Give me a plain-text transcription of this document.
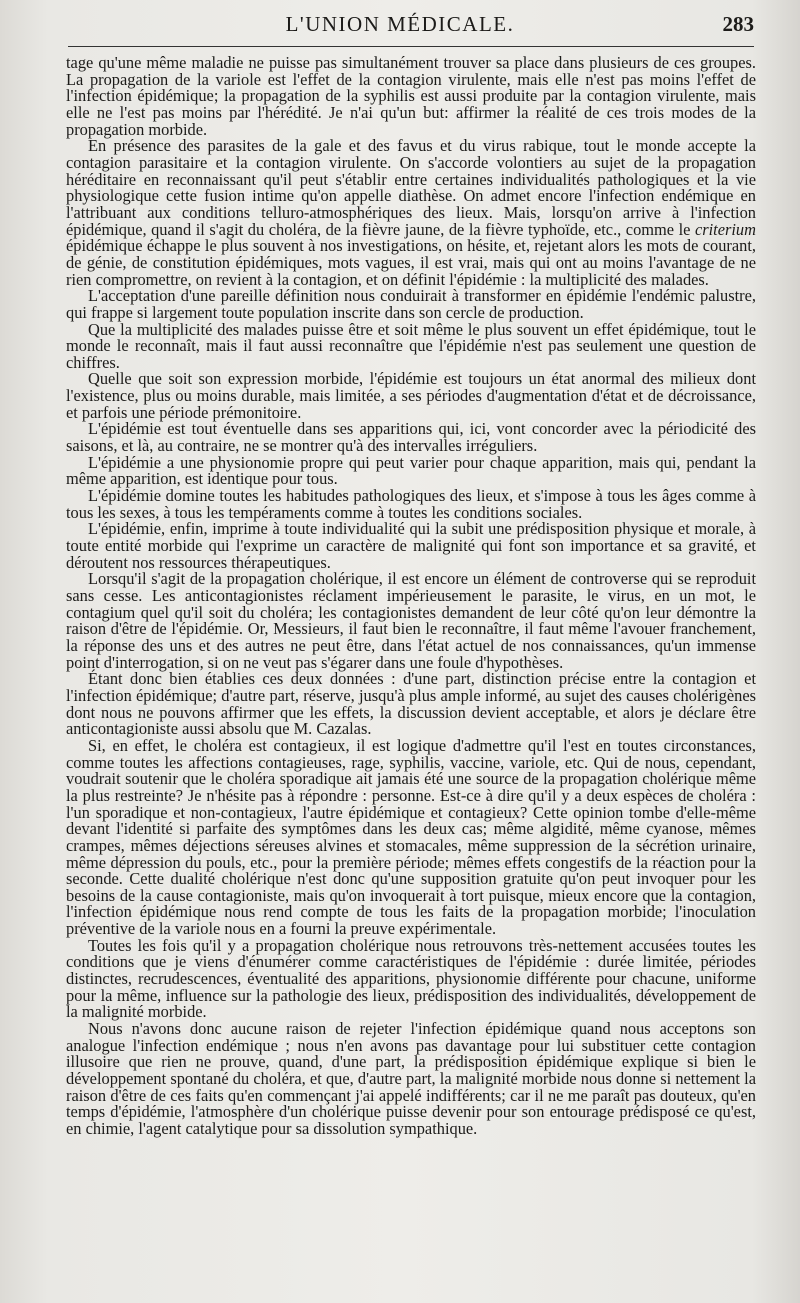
L'UNION MÉDICALE.	283

tage qu'une même maladie ne puisse pas simultanément trouver sa place dans plusieurs de ces groupes. La propagation de la variole est l'effet de la contagion virulente, mais elle n'est pas moins l'effet de l'infection épidémique; la propagation de la syphilis est aussi produite par la contagion virulente, mais elle ne l'est pas moins par l'hérédité. Je n'ai qu'un but: affirmer la réalité de ces trois modes de la propagation morbide.

En présence des parasites de la gale et des favus et du virus rabique, tout le monde accepte la contagion parasitaire et la contagion virulente. On s'accorde volontiers au sujet de la propagation héréditaire en reconnaissant qu'il peut s'établir entre certaines individualités pathologiques et la vie physiologique cette fusion intime qu'on appelle diathèse. On admet encore l'infection endémique en l'attribuant aux conditions telluro-atmosphériques des lieux. Mais, lorsqu'on arrive à l'infection épidémique, quand il s'agit du choléra, de la fièvre jaune, de la fièvre typhoïde, etc., comme le criterium épidémique échappe le plus souvent à nos investigations, on hésite, et, rejetant alors les mots de courant, de génie, de constitution épidémiques, mots vagues, il est vrai, mais qui ont au moins l'avantage de ne rien compromettre, on revient à la contagion, et on définit l'épidémie : la multiplicité des malades.

L'acceptation d'une pareille définition nous conduirait à transformer en épidémie l'endémic palustre, qui frappe si largement toute population inscrite dans son cercle de production.

Que la multiplicité des malades puisse être et soit même le plus souvent un effet épidémique, tout le monde le reconnaît, mais il faut aussi reconnaître que l'épidémie n'est pas seulement une question de chiffres.

Quelle que soit son expression morbide, l'épidémie est toujours un état anormal des milieux dont l'existence, plus ou moins durable, mais limitée, a ses périodes d'augmentation d'état et de décroissance, et parfois une période prémonitoire.

L'épidémie est tout éventuelle dans ses apparitions qui, ici, vont concorder avec la périodicité des saisons, et là, au contraire, ne se montrer qu'à des intervalles irréguliers.

L'épidémie a une physionomie propre qui peut varier pour chaque apparition, mais qui, pendant la même apparition, est identique pour tous.

L'épidémie domine toutes les habitudes pathologiques des lieux, et s'impose à tous les âges comme à tous les sexes, à tous les tempéraments comme à toutes les conditions sociales.

L'épidémie, enfin, imprime à toute individualité qui la subit une prédisposition physique et morale, à toute entité morbide qui l'exprime un caractère de malignité qui font son importance et sa gravité, et déroutent nos ressources thérapeutiques.

Lorsqu'il s'agit de la propagation cholérique, il est encore un élément de controverse qui se reproduit sans cesse. Les anticontagionistes réclament impérieusement le parasite, le virus, en un mot, le contagium quel qu'il soit du choléra; les contagionistes demandent de leur côté qu'on leur démontre la raison d'être de l'épidémie. Or, Messieurs, il faut bien le reconnaître, il faut même l'avouer franchement, la réponse des uns et des autres ne peut être, dans l'état actuel de nos connaissances, qu'un immense point d'interrogation, si on ne veut pas s'égarer dans une foule d'hypothèses.

Étant donc bien établies ces deux données : d'une part, distinction précise entre la contagion et l'infection épidémique; d'autre part, réserve, jusqu'à plus ample informé, au sujet des causes cholérigènes dont nous ne pouvons affirmer que les effets, la discussion devient acceptable, et alors je déclare être anticontagioniste aussi absolu que M. Cazalas.

Si, en effet, le choléra est contagieux, il est logique d'admettre qu'il l'est en toutes circonstances, comme toutes les affections contagieuses, rage, syphilis, vaccine, variole, etc. Qui de nous, cependant, voudrait soutenir que le choléra sporadique ait jamais été une source de la propagation cholérique même la plus restreinte? Je n'hésite pas à répondre : personne. Est-ce à dire qu'il y a deux espèces de choléra : l'un sporadique et non-contagieux, l'autre épidémique et contagieux? Cette opinion tombe d'elle-même devant l'identité si parfaite des symptômes dans les deux cas; même algidité, même cyanose, mêmes crampes, mêmes déjections séreuses alvines et stomacales, même suppression de la sécrétion urinaire, même dépression du pouls, etc., pour la première période; mêmes effets congestifs de la réaction pour la seconde. Cette dualité cholérique n'est donc qu'une supposition gratuite qu'on peut invoquer pour les besoins de la cause contagioniste, mais qu'on invoquerait à tort puisque, mieux encore que la contagion, l'infection épidémique nous rend compte de tous les faits de la propagation morbide; l'inoculation préventive de la variole nous en a fourni la preuve expérimentale.

Toutes les fois qu'il y a propagation cholérique nous retrouvons très-nettement accusées toutes les conditions que je viens d'énumérer comme caractéristiques de l'épidémie : durée limitée, périodes distinctes, recrudescences, éventualité des apparitions, physionomie différente pour chacune, uniforme pour la même, influence sur la pathologie des lieux, prédisposition des individualités, développement de la malignité morbide.

Nous n'avons donc aucune raison de rejeter l'infection épidémique quand nous acceptons son analogue l'infection endémique ; nous n'en avons pas davantage pour lui substituer cette contagion illusoire que rien ne prouve, quand, d'une part, la prédisposition épidémique explique si bien le développement spontané du choléra, et que, d'autre part, la malignité morbide nous donne si nettement la raison d'être de ces faits qu'en commençant j'ai appelé indifférents; car il ne me paraît pas douteux, qu'en temps d'épidémie, l'atmosphère d'un cholérique puisse devenir pour son entourage prédisposé ce qu'est, en chimie, l'agent catalytique pour sa dissolution sympathique.
